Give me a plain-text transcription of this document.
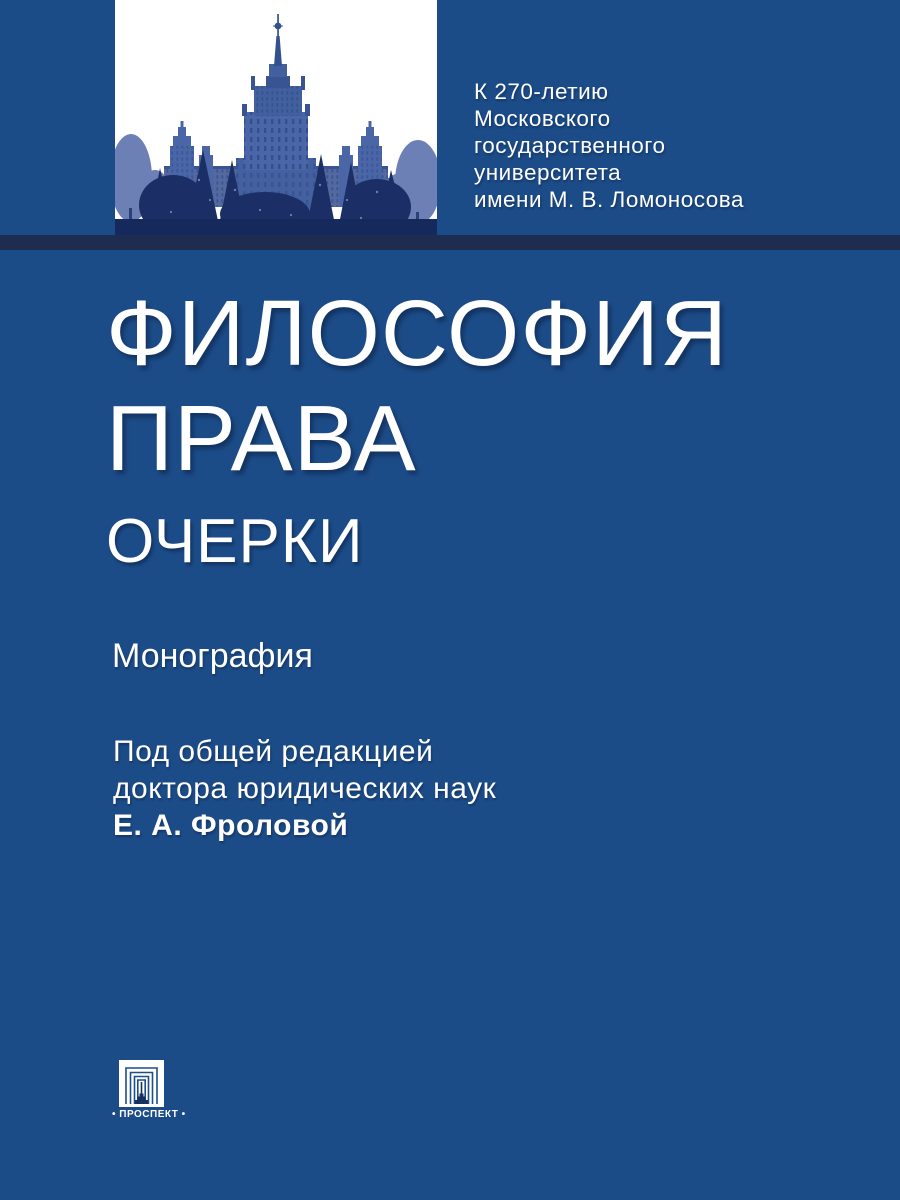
К 270-летию
Московского
государственного
университета
имени М. В. Ломоносова
ФИЛОСОФИЯ
ПРАВА
ОЧЕРКИ
Монография
Под общей редакцией
доктора юридических наук
Е. А. Фроловой
• ПРОСПЕКТ •
